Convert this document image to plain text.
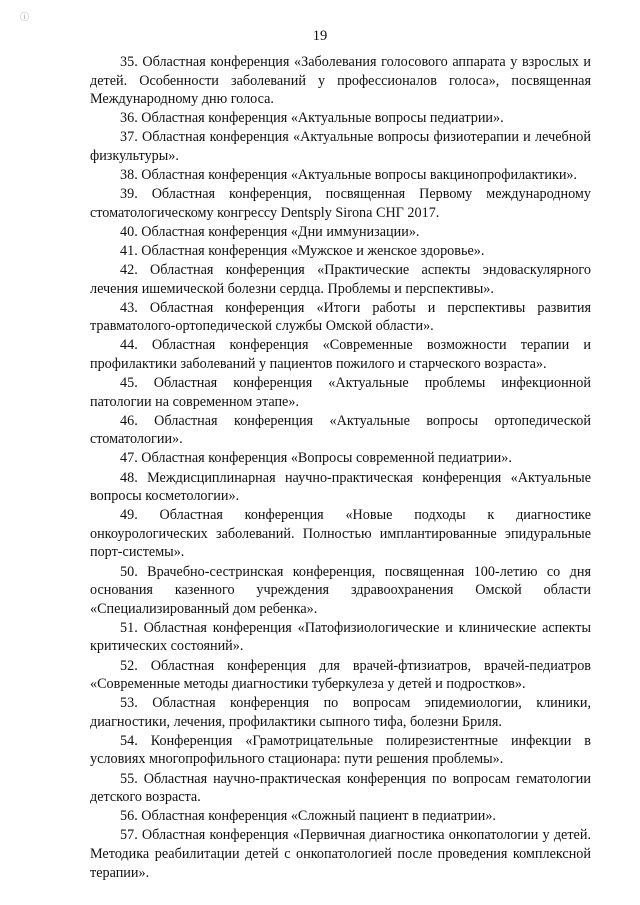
ⓘ
19

35. Областная конференция «Заболевания голосового аппарата у взрослых и детей. Особенности заболеваний у профессионалов голоса», посвященная Международному дню голоса.

36. Областная конференция «Актуальные вопросы педиатрии».

37. Областная конференция «Актуальные вопросы физиотерапии и лечебной физкультуры».

38. Областная конференция «Актуальные вопросы вакцинопрофилактики».

39. Областная конференция, посвященная Первому международному стоматологическому конгрессу Dentsply Sirona СНГ 2017.

40. Областная конференция «Дни иммунизации».

41. Областная конференция «Мужское и женское здоровье».

42. Областная конференция «Практические аспекты эндоваскулярного лечения ишемической болезни сердца. Проблемы и перспективы».

43. Областная конференция «Итоги работы и перспективы развития травматолого-ортопедической службы Омской области».

44. Областная конференция «Современные возможности терапии и профилактики заболеваний у пациентов пожилого и старческого возраста».

45. Областная конференция «Актуальные проблемы инфекционной патологии на современном этапе».

46. Областная конференция «Актуальные вопросы ортопедической стоматологии».

47. Областная конференция «Вопросы современной педиатрии».

48. Междисциплинарная научно-практическая конференция «Актуальные вопросы косметологии».

49. Областная конференция «Новые подходы к диагностике онкоурологических заболеваний. Полностью имплантированные эпидуральные порт-системы».

50. Врачебно-сестринская конференция, посвященная 100-летию со дня основания казенного учреждения здравоохранения Омской области «Специализированный дом ребенка».

51. Областная конференция «Патофизиологические и клинические аспекты критических состояний».

52. Областная конференция для врачей-фтизиатров, врачей-педиатров «Современные методы диагностики туберкулеза у детей и подростков».

53. Областная конференция по вопросам эпидемиологии, клиники, диагностики, лечения, профилактики сыпного тифа, болезни Бриля.

54. Конференция «Грамотрицательные полирезистентные инфекции в условиях многопрофильного стационара: пути решения проблемы».

55. Областная научно-практическая конференция по вопросам гематологии детского возраста.

56. Областная конференция «Сложный пациент в педиатрии».

57. Областная конференция «Первичная диагностика онкопатологии у детей. Методика реабилитации детей с онкопатологией после проведения комплексной терапии».
